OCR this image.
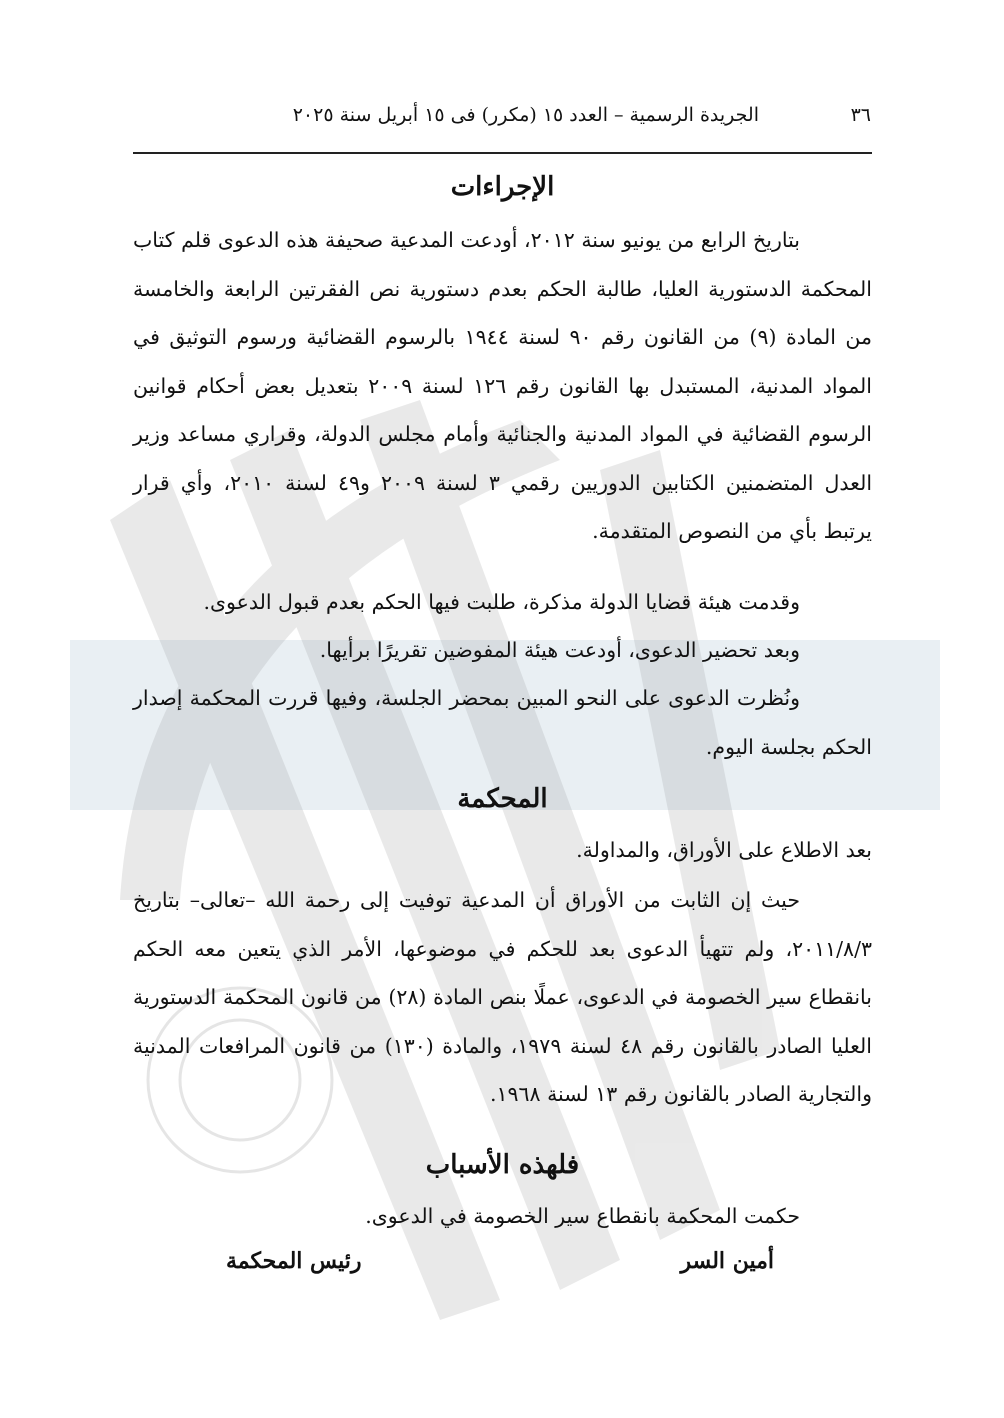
٣٦
الجريدة الرسمية – العدد ١٥ (مكرر) فى ١٥ أبريل سنة ٢٠٢٥
الإجراءات
بتاريخ الرابع من يونيو سنة ٢٠١٢، أودعت المدعية صحيفة هذه الدعوى قلم كتاب المحكمة الدستورية العليا، طالبة الحكم بعدم دستورية نص الفقرتين الرابعة والخامسة من المادة (٩) من القانون رقم ٩٠ لسنة ١٩٤٤ بالرسوم القضائية ورسوم التوثيق في المواد المدنية، المستبدل بها القانون رقم ١٢٦ لسنة ٢٠٠٩ بتعديل بعض أحكام قوانين الرسوم القضائية في المواد المدنية والجنائية وأمام مجلس الدولة، وقراري مساعد وزير العدل المتضمنين الكتابين الدوريين رقمي ٣ لسنة ٢٠٠٩ و٤٩ لسنة ٢٠١٠، وأي قرار يرتبط بأي من النصوص المتقدمة.
وقدمت هيئة قضايا الدولة مذكرة، طلبت فيها الحكم بعدم قبول الدعوى.
وبعد تحضير الدعوى، أودعت هيئة المفوضين تقريرًا برأيها.
ونُظرت الدعوى على النحو المبين بمحضر الجلسة، وفيها قررت المحكمة إصدار الحكم بجلسة اليوم.
المحكمة
بعد الاطلاع على الأوراق، والمداولة.
حيث إن الثابت من الأوراق أن المدعية توفيت إلى رحمة الله –تعالى– بتاريخ ٢٠١١/٨/٣، ولم تتهيأ الدعوى بعد للحكم في موضوعها، الأمر الذي يتعين معه الحكم بانقطاع سير الخصومة في الدعوى، عملًا بنص المادة (٢٨) من قانون المحكمة الدستورية العليا الصادر بالقانون رقم ٤٨ لسنة ١٩٧٩، والمادة (١٣٠) من قانون المرافعات المدنية والتجارية الصادر بالقانون رقم ١٣ لسنة ١٩٦٨.
فلهذه الأسباب
حكمت المحكمة بانقطاع سير الخصومة في الدعوى.
أمين السر
رئيس المحكمة
